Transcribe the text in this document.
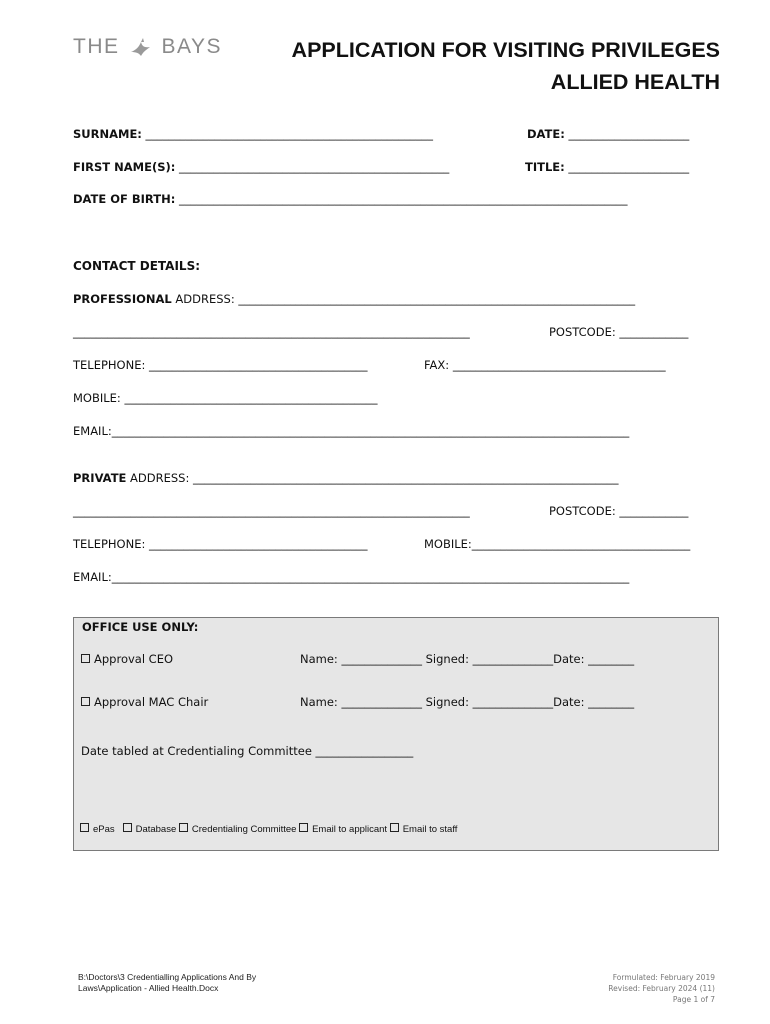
THE BAYS	APPLICATION FOR VISITING PRIVILEGES
ALLIED HEALTH
SURNAME: __________________________________________________	DATE: _____________________
FIRST NAME(S): _______________________________________________	TITLE: _____________________
DATE OF BIRTH: ______________________________________________________________________________
CONTACT DETAILS:
PROFESSIONAL ADDRESS: _____________________________________________________________________
_____________________________________________________________________	POSTCODE: ____________
TELEPHONE: ______________________________________	FAX: _____________________________________
MOBILE: ____________________________________________
EMAIL:__________________________________________________________________________________________
PRIVATE ADDRESS: __________________________________________________________________________
_____________________________________________________________________	POSTCODE: ____________
TELEPHONE: ______________________________________	MOBILE:______________________________________
EMAIL:__________________________________________________________________________________________
OFFICE USE ONLY:
Approval CEO	Name: ______________ Signed: ______________Date: ________
Approval MAC Chair	Name: ______________ Signed: ______________Date: ________
Date tabled at Credentialing Committee _________________
ePas Database Credentialing Committee Email to applicant Email to staff
B:\Doctors\3 Credentialling Applications And By
Laws\Application - Allied Health.Docx
Formulated: February 2019
Revised: February 2024 (11)
Page 1 of 7
